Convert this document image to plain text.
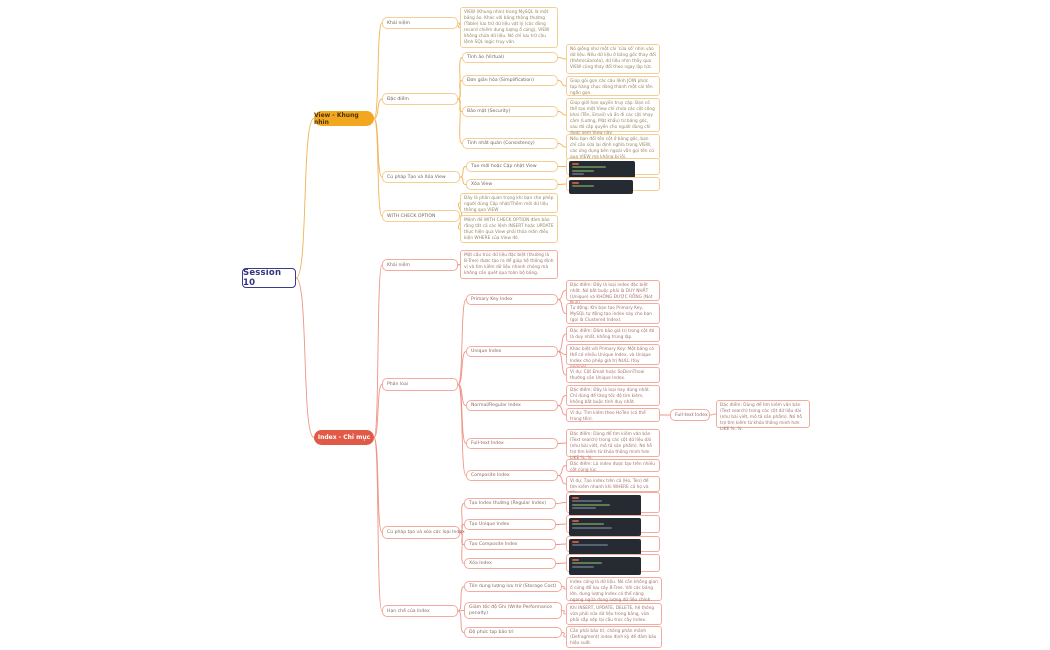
Session 10
View - Khung nhìn
Khái niệm
VIEW (Khung nhìn) trong MySQL là một bảng ảo. Khác với bảng thông thường (Table) lưu trữ dữ liệu vật lý (các dòng record chiếm dung lượng ổ cứng), VIEW không chứa dữ liệu. Nó chỉ lưu trữ câu lệnh SQL logic truy vấn.
Đặc điểm
Tính ảo (Virtual)
Nó giống như một cái 'cửa sổ' nhìn vào dữ liệu. Nếu dữ liệu ở bảng gốc thay đổi (thêm/sửa/xóa), dữ liệu nhìn thấy qua VIEW cũng thay đổi theo ngay lập tức.
Đơn giản hóa (Simplification)	Giúp gói gọn các câu lệnh JOIN phức tạp hàng chục dòng thành một cái tên ngắn gọn.
Bảo mật (Security)
Giúp giới hạn quyền truy cập. Bạn có thể tạo một View chỉ chứa các cột công khai (Tên, Email) và ẩn đi các cột nhạy cảm (Lương, Mật khẩu) từ bảng gốc, sau đó cấp quyền cho người dùng chỉ
Tính nhất quán (Consistency)
Nếu bạn đổi tên cột ở bảng gốc, bạn chỉ cần sửa lại định nghĩa trong VIEW, các ứng dụng bên ngoài vẫn gọi tên cũ
Cú pháp Tạo và Xóa View
Tạo mới hoặc Cập nhật View
Xóa View
WITH CHECK OPTION
Đây là phần quan trọng khi bạn cho phép người dùng Cập nhật/Thêm mới dữ liệu thông qua VIEW
Mệnh đề WITH CHECK OPTION đảm bảo rằng tất cả các lệnh INSERT hoặc UPDATE thực hiện qua View phải thỏa mãn điều kiện WHERE của View đó.
Index - Chỉ mục
Khái niệm
Một cấu trúc dữ liệu đặc biệt (thường là B-Tree) được tạo ra để giúp hệ thống định vị và tìm kiếm dữ liệu nhanh chóng mà không cần quét qua toàn bộ bảng.
Phân loại
Primary Key Index
Đặc điểm: Đây là loại index đặc biệt nhất. Nó bắt buộc phải là DUY NHẤT (Unique) và KHÔNG ĐƯỢC RỖNG (Not
Tự động: Khi bạn tạo Primary Key, MySQL tự động tạo index này cho bạn (gọi là Clustered Index).
Unique Index
Đặc điểm: Đảm bảo giá trị trong cột đó là duy nhất, không trùng lặp.
Khác biệt với Primary Key: Một bảng có thể có nhiều Unique Index, và Unique Index cho phép giá trị NULL (tùy
Ví dụ: Cột Email hoặc SoDienThoai thường cần Unique Index.
Normal/Regular Index
Đặc điểm: Đây là loại hay dùng nhất. Chỉ dùng để tăng tốc độ tìm kiếm, không bắt buộc tính duy nhất.
Ví dụ: Tìm kiếm theo HoTen (có thể trùng tên).
Full-text Index
Đặc điểm: Dùng để tìm kiếm văn bản (Text search) trong các cột dữ liệu dài (như bài viết, mô tả sản phẩm). Nó hỗ trợ tìm kiếm từ khóa thông minh hơn LIKE %..%.
Full-text Index
Đặc điểm: Dùng để tìm kiếm văn bản (Text search) trong các cột dữ liệu dài (như bài viết, mô tả sản phẩm). Nó hỗ trợ tìm kiếm từ khóa thông minh hơn
Composite Index
Đặc điểm: Là index được tạo trên nhiều cột cùng lúc.
Ví dụ: Tạo index trên cả (Ho, Ten) để tìm kiếm nhanh khi WHERE cả họ và
Cú pháp tạo và xóa các loại Index
Tạo Index thường (Regular Index)
Tạo Unique Index
Tạo Composite Index
Xóa Index
Hạn chế của Index
Tốn dung lượng lưu trữ (Storage Cost)
Index cũng là dữ liệu. Nó cần không gian ổ cứng để lưu cây B-Tree. Với các bảng lớn, dung lượng Index có thể nặng ngang ngửa dung lượng dữ liệu chính.
Giảm tốc độ Ghi (Write Performance penalty)
Khi INSERT, UPDATE, DELETE, hệ thống vừa phải sửa dữ liệu trong bảng, vừa phải sắp xếp lại cấu trúc cây Index.
Độ phức tạp bảo trì	Cần phải bảo trì, chống phân mảnh (Defragment) index định kỳ để đảm bảo hiệu suất.
